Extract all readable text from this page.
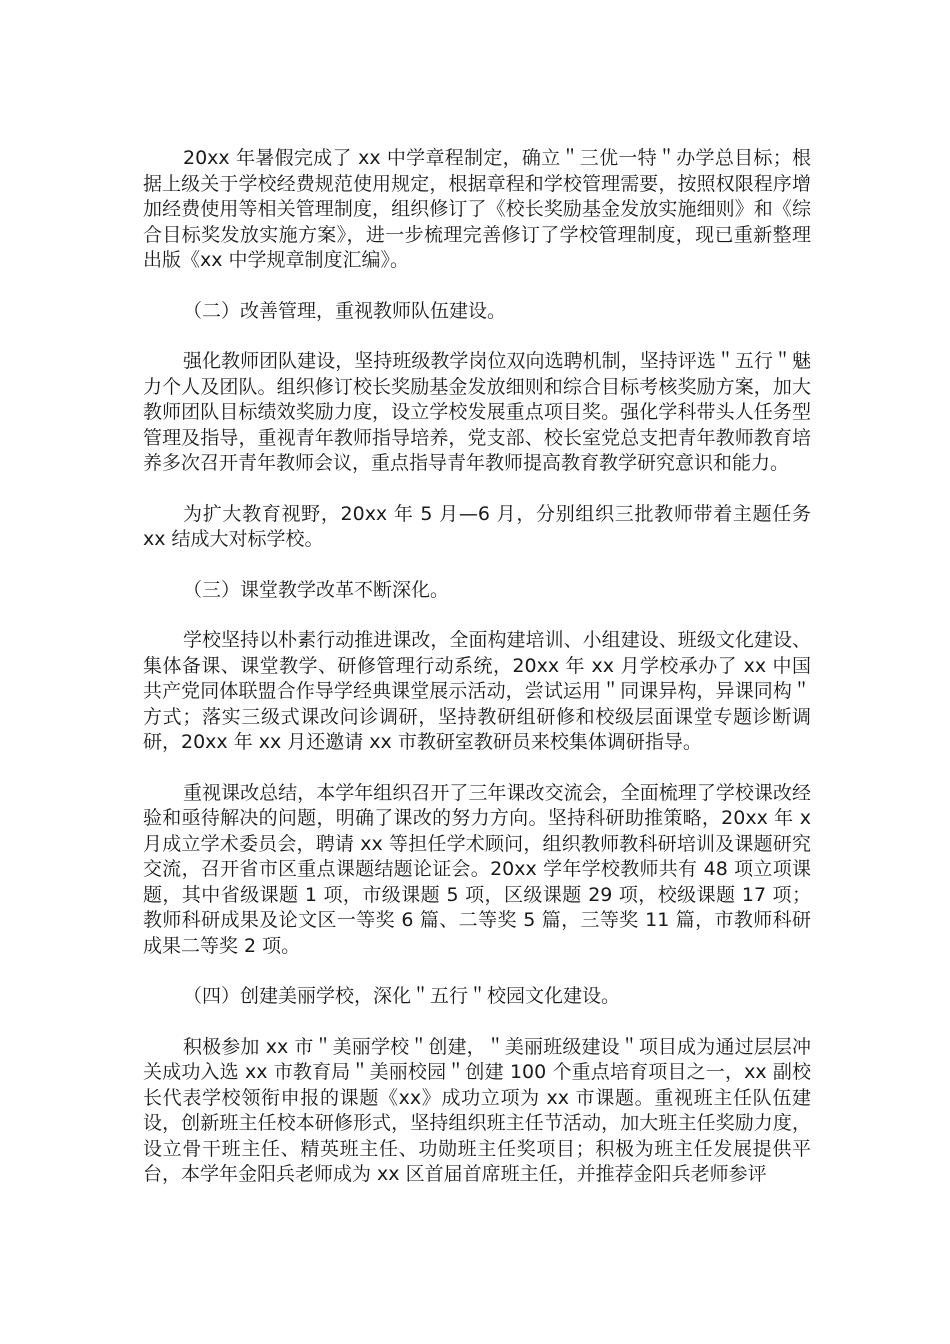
20xx 年暑假完成了 xx 中学章程制定，确立＂三优一特＂办学总目标；根据上级关于学校经费规范使用规定，根据章程和学校管理需要，按照权限程序增加经费使用等相关管理制度，组织修订了《校长奖励基金发放实施细则》和《综合目标奖发放实施方案》，进一步梳理完善修订了学校管理制度，现已重新整理出版《xx 中学规章制度汇编》。

（二）改善管理，重视教师队伍建设。

强化教师团队建设，坚持班级教学岗位双向选聘机制，坚持评选＂五行＂魅力个人及团队。组织修订校长奖励基金发放细则和综合目标考核奖励方案，加大教师团队目标绩效奖励力度，设立学校发展重点项目奖。强化学科带头人任务型管理及指导，重视青年教师指导培养，党支部、校长室党总支把青年教师教育培养多次召开青年教师会议，重点指导青年教师提高教育教学研究意识和能力。

为扩大教育视野，20xx 年 5 月—6 月，分别组织三批教师带着主题任务 xx 结成大对标学校。

（三）课堂教学改革不断深化。

学校坚持以朴素行动推进课改，全面构建培训、小组建设、班级文化建设、集体备课、课堂教学、研修管理行动系统，20xx 年 xx 月学校承办了 xx 中国共产党同体联盟合作导学经典课堂展示活动，尝试运用＂同课异构，异课同构＂方式；落实三级式课改问诊调研，坚持教研组研修和校级层面课堂专题诊断调研，20xx 年 xx 月还邀请 xx 市教研室教研员来校集体调研指导。

重视课改总结，本学年组织召开了三年课改交流会，全面梳理了学校课改经验和亟待解决的问题，明确了课改的努力方向。坚持科研助推策略，20xx 年 x 月成立学术委员会，聘请 xx 等担任学术顾问，组织教师教科研培训及课题研究交流，召开省市区重点课题结题论证会。20xx 学年学校教师共有 48 项立项课题，其中省级课题 1 项，市级课题 5 项，区级课题 29 项，校级课题 17 项；教师科研成果及论文区一等奖 6 篇、二等奖 5 篇，三等奖 11 篇，市教师科研成果二等奖 2 项。

（四）创建美丽学校，深化＂五行＂校园文化建设。

积极参加 xx 市＂美丽学校＂创建，＂美丽班级建设＂项目成为通过层层冲关成功入选 xx 市教育局＂美丽校园＂创建 100 个重点培育项目之一，xx 副校长代表学校领衔申报的课题《xx》成功立项为 xx 市课题。重视班主任队伍建设，创新班主任校本研修形式，坚持组织班主任节活动，加大班主任奖励力度，设立骨干班主任、精英班主任、功勋班主任奖项目；积极为班主任发展提供平台，本学年金阳兵老师成为 xx 区首届首席班主任，并推荐金阳兵老师参评
